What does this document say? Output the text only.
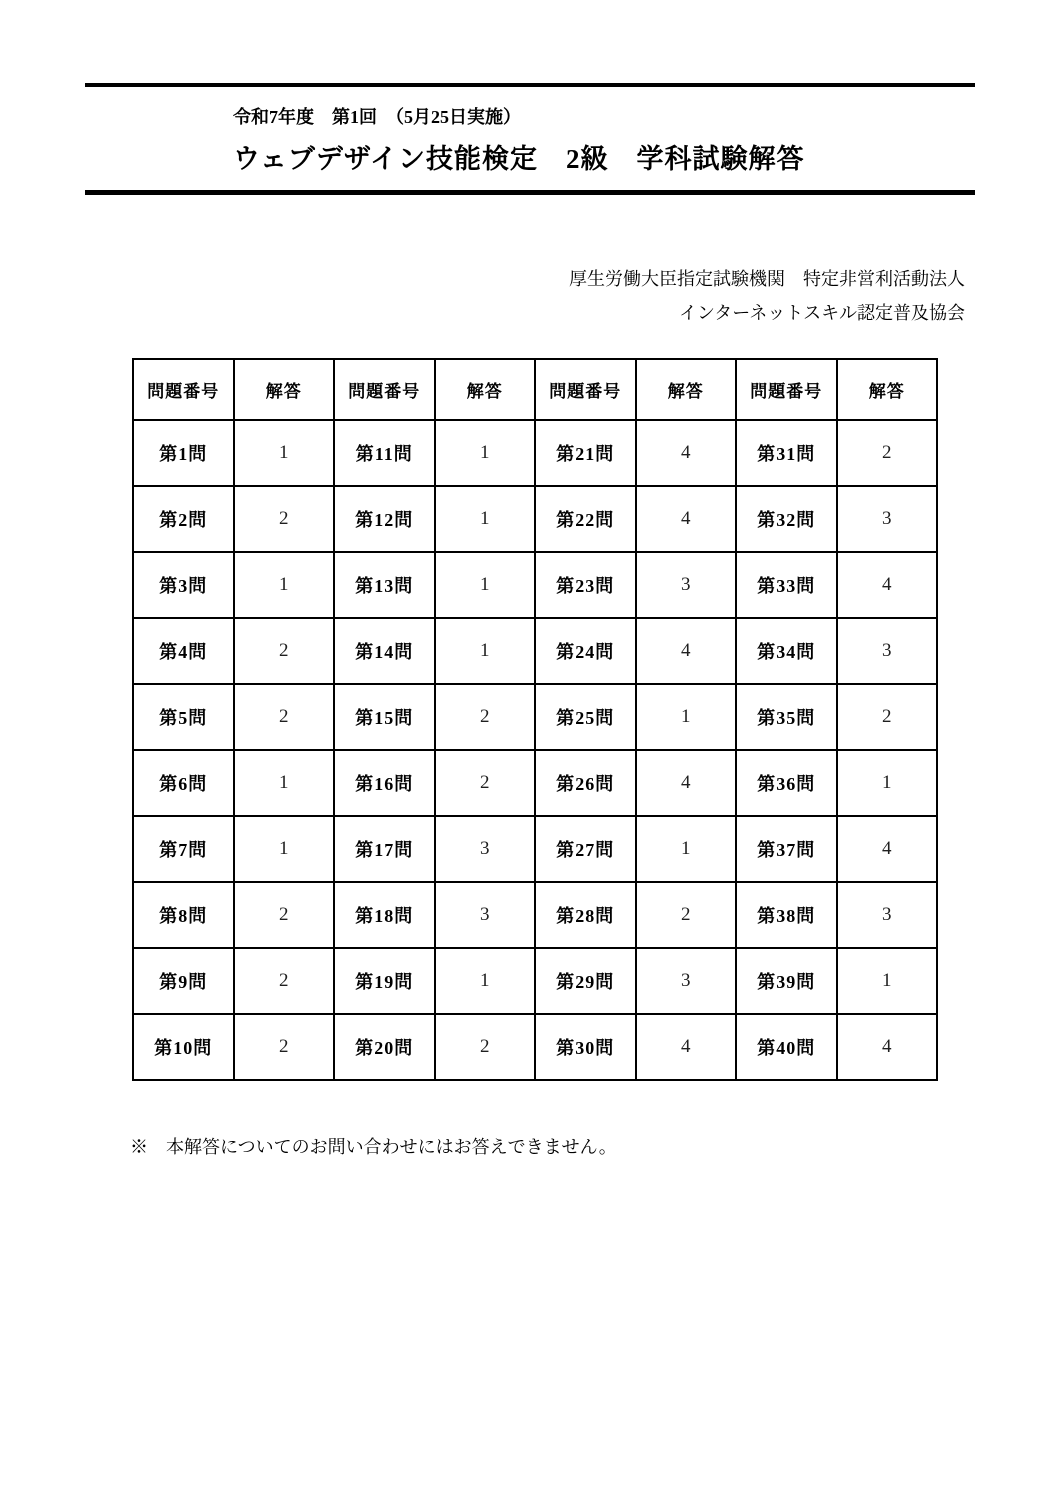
令和7年度　第1回　（5月25日実施）
ウェブデザイン技能検定　2級　学科試験解答
厚生労働大臣指定試験機関　特定非営利活動法人
インターネットスキル認定普及協会
問題番号	解答	問題番号	解答	問題番号	解答	問題番号	解答
第1問	1	第11問	1	第21問	4	第31問	2
第2問	2	第12問	1	第22問	4	第32問	3
第3問	1	第13問	1	第23問	3	第33問	4
第4問	2	第14問	1	第24問	4	第34問	3
第5問	2	第15問	2	第25問	1	第35問	2
第6問	1	第16問	2	第26問	4	第36問	1
第7問	1	第17問	3	第27問	1	第37問	4
第8問	2	第18問	3	第28問	2	第38問	3
第9問	2	第19問	1	第29問	3	第39問	1
第10問	2	第20問	2	第30問	4	第40問	4
※　本解答についてのお問い合わせにはお答えできません。
